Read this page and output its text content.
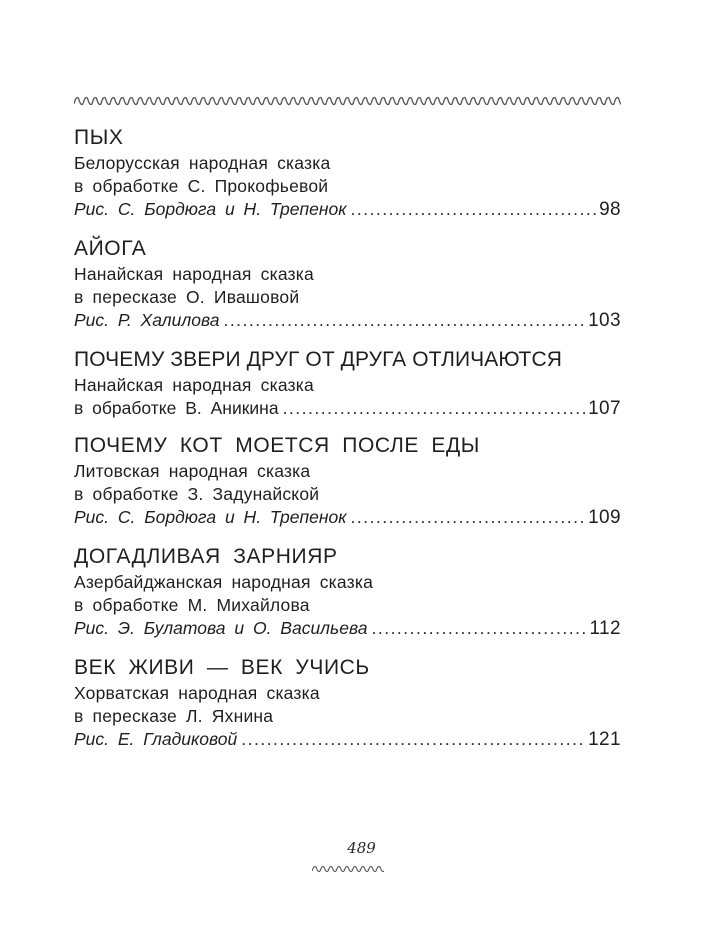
ПЫХ
Белорусская народная сказка
в обработке С. Прокофьевой
Рис. С. Бордюга и Н. Трепенок .....	98
АЙОГА
Нанайская народная сказка
в пересказе О. Ивашовой
Рис. Р. Халилова .....	103
ПОЧЕМУ ЗВЕРИ ДРУГ ОТ ДРУГА ОТЛИЧАЮТСЯ
Нанайская народная сказка
в обработке В. Аникина .....	107
ПОЧЕМУ КОТ МОЕТСЯ ПОСЛЕ ЕДЫ
Литовская народная сказка
в обработке З. Задунайской
Рис. С. Бордюга и Н. Трепенок .....	109
ДОГАДЛИВАЯ ЗАРНИЯР
Азербайджанская народная сказка
в обработке М. Михайлова
Рис. Э. Булатова и О. Васильева .....	112
ВЕК ЖИВИ — ВЕК УЧИСЬ
Хорватская народная сказка
в пересказе Л. Яхнина
Рис. Е. Гладиковой .....	121
489
